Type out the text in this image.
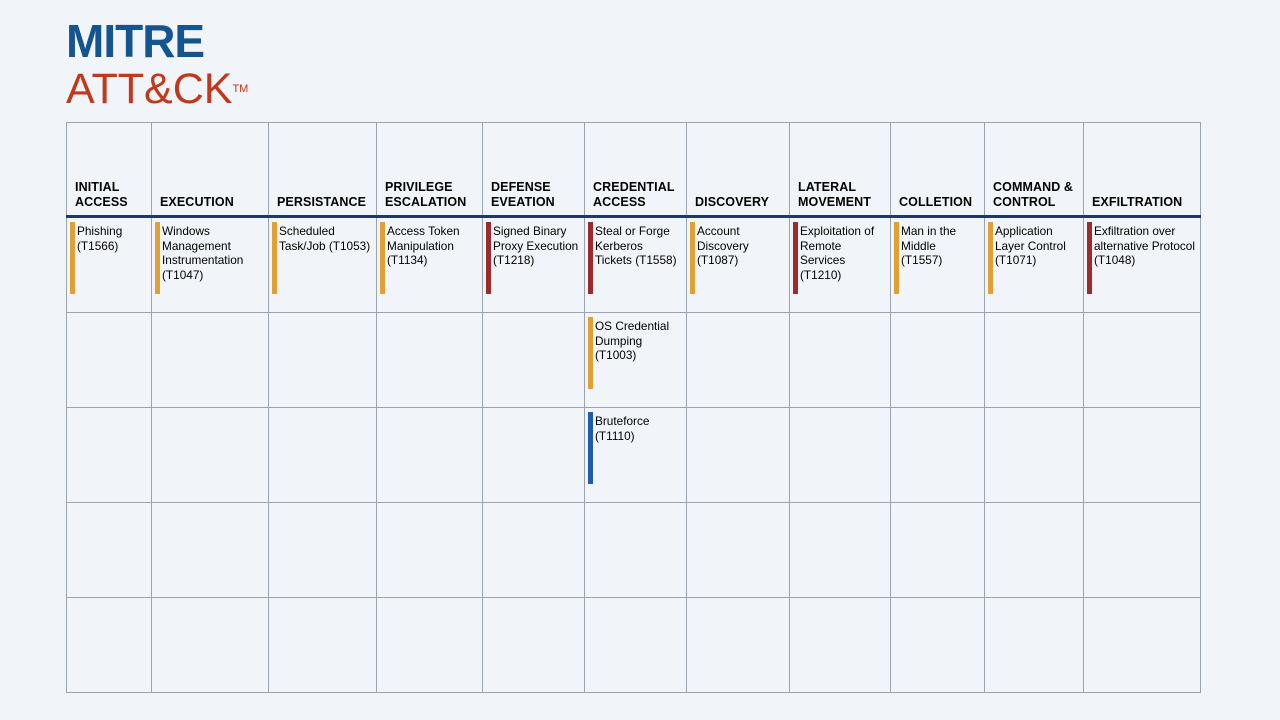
MITRE
ATT&CKTM
INITIAL ACCESS	EXECUTION	PERSISTANCE	PRIVILEGE ESCALATION	DEFENSE EVEATION	CREDENTIAL ACCESS	DISCOVERY	LATERAL MOVEMENT	COLLETION	COMMAND & CONTROL	EXFILTRATION

Phishing (T1566)	Windows Management Instrumentation (T1047)	Scheduled Task/Job (T1053)	Access Token Manipulation (T1134)	Signed Binary Proxy Execution (T1218)	Steal or Forge Kerberos Tickets (T1558)	Account Discovery (T1087)	Exploitation of Remote Services (T1210)	Man in the Middle (T1557)	Application Layer Control (T1071)	Exfiltration over alternative Protocol (T1048)

					OS Credential Dumping (T1003)					

					Bruteforce (T1110)					
